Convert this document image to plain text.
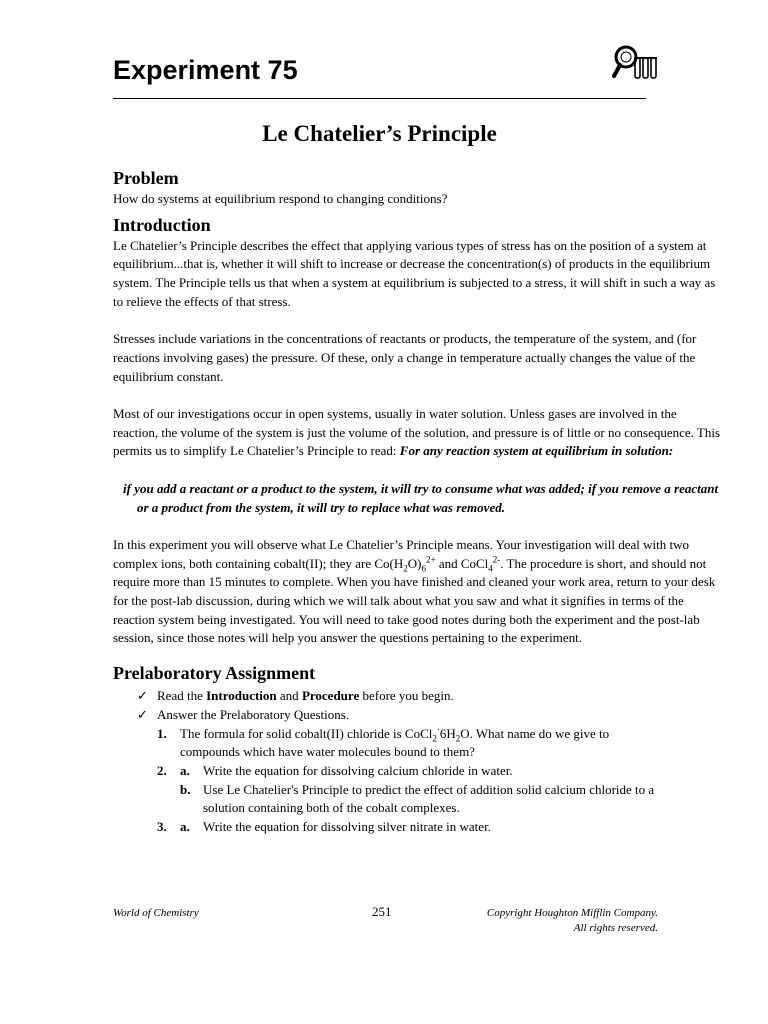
Experiment 75
Le Chatelier’s Principle
Problem

How do systems at equilibrium respond to changing conditions?

Introduction

Le Chatelier’s Principle describes the effect that applying various types of stress has on the position of a system at equilibrium...that is, whether it will shift to increase or decrease the concentration(s) of products in the equilibrium system. The Principle tells us that when a system at equilibrium is subjected to a stress, it will shift in such a way as to relieve the effects of that stress.

Stresses include variations in the concentrations of reactants or products, the temperature of the system, and (for reactions involving gases) the pressure. Of these, only a change in temperature actually changes the value of the equilibrium constant.

Most of our investigations occur in open systems, usually in water solution. Unless gases are involved in the reaction, the volume of the system is just the volume of the solution, and pressure is of little or no consequence. This permits us to simplify Le Chatelier’s Principle to read: For any reaction system at equilibrium in solution:

if you add a reactant or a product to the system, it will try to consume what was added; if you remove a reactant or a product from the system, it will try to replace what was removed.

In this experiment you will observe what Le Chatelier’s Principle means. Your investigation will deal with two complex ions, both containing cobalt(II); they are $Co(H_2O)_6^{2+}$ and CoCl$_4^{2-}$. The procedure is short, and should not require more than 15 minutes to complete. When you have finished and cleaned your work area, return to your desk for the post-lab discussion, during which we will talk about what you saw and what it signifies in terms of the reaction system being investigated. You will need to take good notes during both the experiment and the post-lab session, since those notes will help you answer the questions pertaining to the experiment.

Prelaboratory Assignment
✓ Read the Introduction and Procedure before you begin.
✓ Answer the Prelaboratory Questions.
1. The formula for solid cobalt(II) chloride is $CoCl_2^\cdot 6H_2O$. What name do we give to
compounds which have water molecules bound to them?
2. a. Write the equation for dissolving calcium chloride in water.
b. Use Le Chatelier's Principle to predict the effect of addition solid calcium chloride to a
solution containing both of the cobalt complexes.
3. a. Write the equation for dissolving silver nitrate in water.
World of Chemistry	251	Copyright Houghton Mifflin Company.
All rights reserved.
